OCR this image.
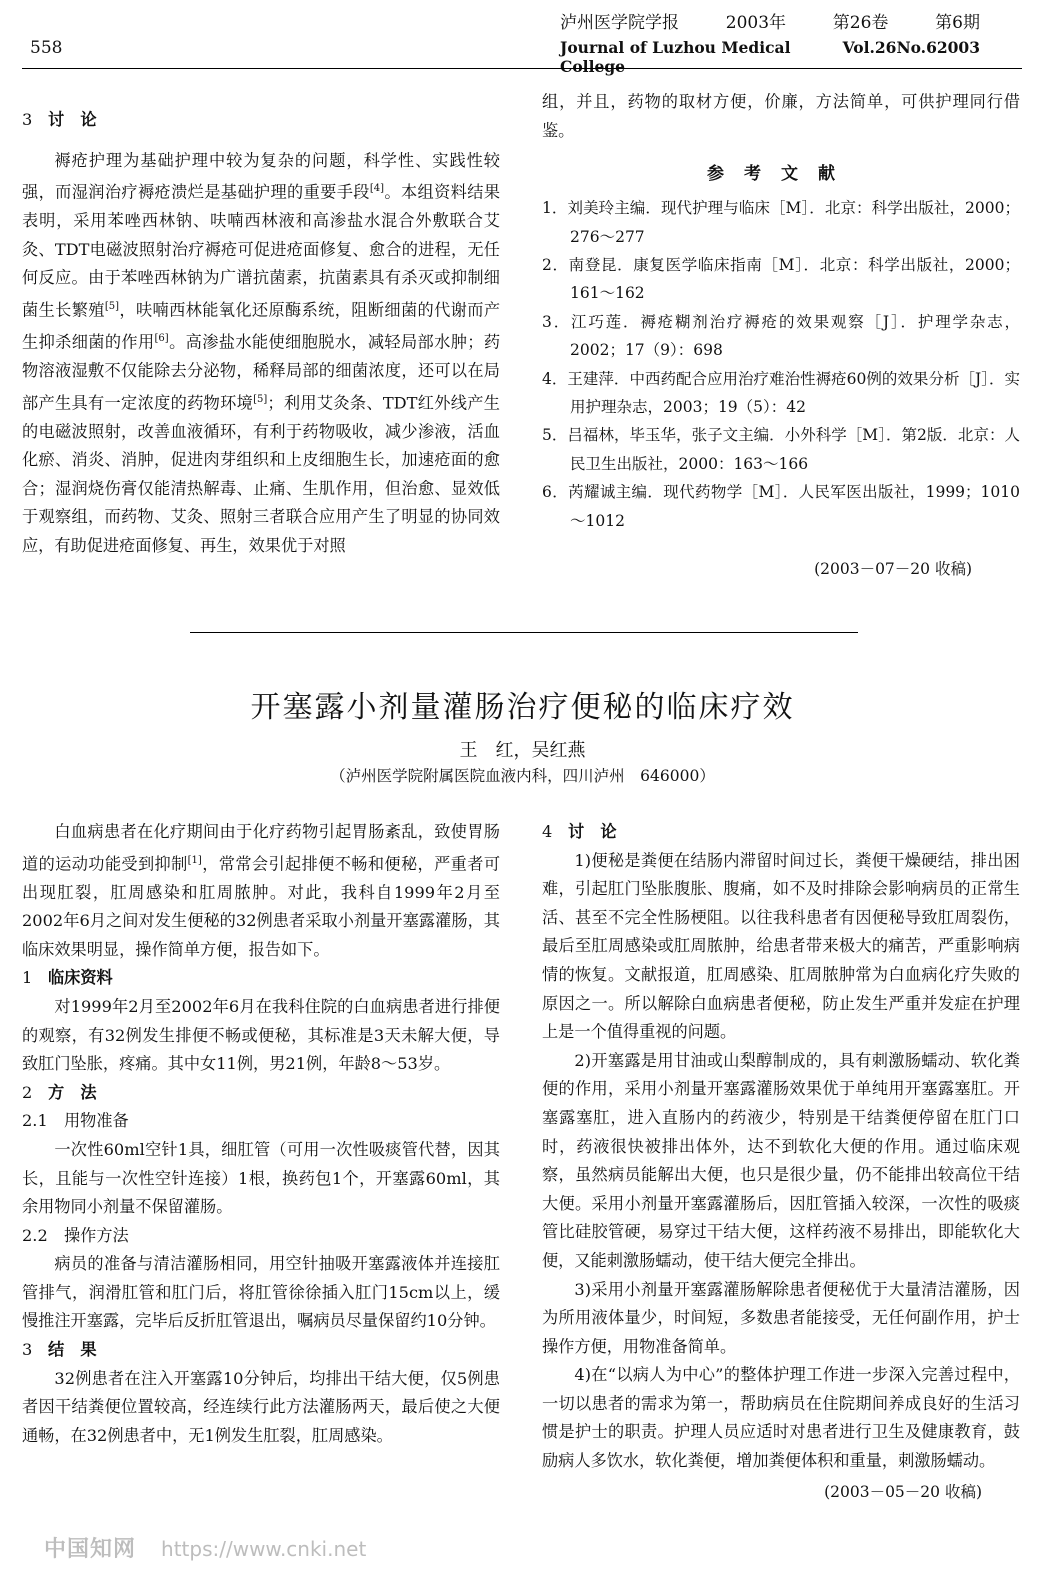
泸州医学院学报	2003年	第26卷	第6期
Journal of Luzhou Medical College
Vol.26 No.6 2003
558

3 讨　论

褥疮护理为基础护理中较为复杂的问题，科学性、实践性较强，而湿润治疗褥疮溃烂是基础护理的重要手段[4]。本组资料结果表明，采用苯唑西林钠、呋喃西林液和高渗盐水混合外敷联合艾灸、TDT电磁波照射治疗褥疮可促进疮面修复、愈合的进程，无任何反应。由于苯唑西林钠为广谱抗菌素，抗菌素具有杀灭或抑制细菌生长繁殖[5]，呋喃西林能氧化还原酶系统，阻断细菌的代谢而产生抑杀细菌的作用[6]。高渗盐水能使细胞脱水，减轻局部水肿；药物溶液湿敷不仅能除去分泌物，稀释局部的细菌浓度，还可以在局部产生具有一定浓度的药物环境[5]；利用艾灸条、TDT红外线产生的电磁波照射，改善血液循环，有利于药物吸收，减少渗液，活血化瘀、消炎、消肿，促进肉芽组织和上皮细胞生长，加速疮面的愈合；湿润烧伤膏仅能清热解毒、止痛、生肌作用，但治愈、显效低于观察组，而药物、艾灸、照射三者联合应用产生了明显的协同效应，有助促进疮面修复、再生，效果优于对照

组，并且，药物的取材方便，价廉，方法简单，可供护理同行借鉴。

参考文献

1．刘美玲主编．现代护理与临床［M］．北京：科学出版社，2000；276～277

2．南登昆．康复医学临床指南［M］．北京：科学出版社，2000；161～162

3．江巧莲．褥疮糊剂治疗褥疮的效果观察［J］．护理学杂志，2002；17（9）：698

4．王建萍．中西药配合应用治疗难治性褥疮60例的效果分析［J］．实用护理杂志，2003；19（5）：42

5．吕福林，毕玉华，张子文主编．小外科学［M］．第2版．北京：人民卫生出版社，2000：163～166

6．芮耀诚主编．现代药物学［M］．人民军医出版社，1999；1010～1012

(2003－07－20 收稿)
开塞露小剂量灌肠治疗便秘的临床疗效
王　红，吴红燕
（泸州医学院附属医院血液内科，四川泸州　646000）

白血病患者在化疗期间由于化疗药物引起胃肠紊乱，致使胃肠道的运动功能受到抑制[1]，常常会引起排便不畅和便秘，严重者可出现肛裂，肛周感染和肛周脓肿。对此，我科自1999年2月至2002年6月之间对发生便秘的32例患者采取小剂量开塞露灌肠，其临床效果明显，操作简单方便，报告如下。

1 临床资料

对1999年2月至2002年6月在我科住院的白血病患者进行排便的观察，有32例发生排便不畅或便秘，其标准是3天未解大便，导致肛门坠胀，疼痛。其中女11例，男21例，年龄8～53岁。

2 方　法

2.1 用物准备

一次性60ml空针1具，细肛管（可用一次性吸痰管代替，因其长，且能与一次性空针连接）1根，换药包1个，开塞露60ml，其余用物同小剂量不保留灌肠。

2.2 操作方法

病员的准备与清洁灌肠相同，用空针抽吸开塞露液体并连接肛管排气，润滑肛管和肛门后，将肛管徐徐插入肛门15cm以上，缓慢推注开塞露，完毕后反折肛管退出，嘱病员尽量保留约10分钟。

3 结　果

32例患者在注入开塞露10分钟后，均排出干结大便，仅5例患者因干结粪便位置较高，经连续行此方法灌肠两天，最后使之大便通畅，在32例患者中，无1例发生肛裂，肛周感染。

4 讨　论

1)便秘是粪便在结肠内滞留时间过长，粪便干燥硬结，排出困难，引起肛门坠胀腹胀、腹痛，如不及时排除会影响病员的正常生活、甚至不完全性肠梗阻。以往我科患者有因便秘导致肛周裂伤，最后至肛周感染或肛周脓肿，给患者带来极大的痛苦，严重影响病情的恢复。文献报道，肛周感染、肛周脓肿常为白血病化疗失败的原因之一。所以解除白血病患者便秘，防止发生严重并发症在护理上是一个值得重视的问题。

2)开塞露是用甘油或山梨醇制成的，具有刺激肠蠕动、软化粪便的作用，采用小剂量开塞露灌肠效果优于单纯用开塞露塞肛。开塞露塞肛，进入直肠内的药液少，特别是干结粪便停留在肛门口时，药液很快被排出体外，达不到软化大便的作用。通过临床观察，虽然病员能解出大便，也只是很少量，仍不能排出较高位干结大便。采用小剂量开塞露灌肠后，因肛管插入较深，一次性的吸痰管比硅胶管硬，易穿过干结大便，这样药液不易排出，即能软化大便，又能刺激肠蠕动，使干结大便完全排出。

3)采用小剂量开塞露灌肠解除患者便秘优于大量清洁灌肠，因为所用液体量少，时间短，多数患者能接受，无任何副作用，护士操作方便，用物准备简单。

4)在“以病人为中心”的整体护理工作进一步深入完善过程中，一切以患者的需求为第一，帮助病员在住院期间养成良好的生活习惯是护士的职责。护理人员应适时对患者进行卫生及健康教育，鼓励病人多饮水，软化粪便，增加粪便体积和重量，刺激肠蠕动。

(2003－05－20 收稿)
中国知网 https://www.cnki.net
